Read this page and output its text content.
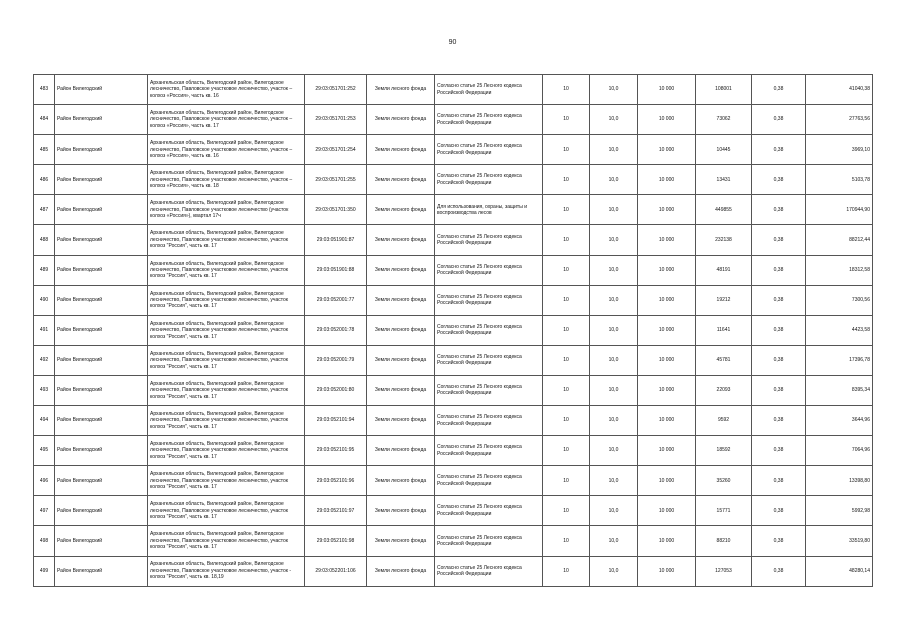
90
483	Район Вилегодский	Архангельская область, Вилегодский район, Вилегодское лесничество, Павловское участковое лесничество, участок – колхоз «Россия», часть кв. 16	29:03:051701:252	Земли лесного фонда	Согласно статье 25 Лесного кодекса Российской Федерации	10	10,0	10 000	108001	0,38	41040,38
484	Район Вилегодский	Архангельская область, Вилегодский район, Вилегодское лесничество, Павловское участковое лесничество, участок – колхоз «Россия», часть кв. 17	29:03:051701:253	Земли лесного фонда	Согласно статье 25 Лесного кодекса Российской Федерации	10	10,0	10 000	73062	0,38	27763,56
485	Район Вилегодский	Архангельская область, Вилегодский район, Вилегодское лесничество, Павловское участковое лесничество, участок – колхоз «Россия», часть кв. 16	29:03:051701:254	Земли лесного фонда	Согласно статье 25 Лесного кодекса Российской Федерации	10	10,0	10 000	10445	0,38	3969,10
486	Район Вилегодский	Архангельская область, Вилегодский район, Вилегодское лесничество, Павловское участковое лесничество, участок – колхоз «Россия», часть кв. 18	29:03:051701:255	Земли лесного фонда	Согласно статье 25 Лесного кодекса Российской Федерации	10	10,0	10 000	13431	0,38	5103,78
487	Район Вилегодский	Архангельская область, Вилегодский район, Вилегодское лесничество, Павловское участковое лесничество (участок колхоз «Россия»), квартал 17ч	29:03:051701:350	Земли лесного фонда	Для использования, охраны, защиты и воспроизводства лесов	10	10,0	10 000	449855	0,38	170944,90
488	Район Вилегодский	Архангельская область, Вилегодский район, Вилегодское лесничество, Павловское участковое лесничество, участок колхоз "Россия", часть кв. 17	29:03:051901:87	Земли лесного фонда	Согласно статье 25 Лесного кодекса Российской Федерации	10	10,0	10 000	232138	0,38	88212,44
489	Район Вилегодский	Архангельская область, Вилегодский район, Вилегодское лесничество, Павловское участковое лесничество, участок колхоз "Россия", часть кв. 17	29:03:051901:88	Земли лесного фонда	Согласно статье 25 Лесного кодекса Российской Федерации	10	10,0	10 000	48191	0,38	18312,58
490	Район Вилегодский	Архангельская область, Вилегодский район, Вилегодское лесничество, Павловское участковое лесничество, участок колхоз "Россия", часть кв. 17	29:03:052001:77	Земли лесного фонда	Согласно статье 25 Лесного кодекса Российской Федерации	10	10,0	10 000	19212	0,38	7300,56
491	Район Вилегодский	Архангельская область, Вилегодский район, Вилегодское лесничество, Павловское участковое лесничество, участок колхоз "Россия", часть кв. 17	29:03:052001:78	Земли лесного фонда	Согласно статье 25 Лесного кодекса Российской Федерации	10	10,0	10 000	11641	0,38	4423,58
492	Район Вилегодский	Архангельская область, Вилегодский район, Вилегодское лесничество, Павловское участковое лесничество, участок колхоз "Россия", часть кв. 17	29:03:052001:79	Земли лесного фонда	Согласно статье 25 Лесного кодекса Российской Федерации	10	10,0	10 000	45781	0,38	17396,78
493	Район Вилегодский	Архангельская область, Вилегодский район, Вилегодское лесничество, Павловское участковое лесничество, участок колхоз "Россия", часть кв. 17	29:03:052001:80	Земли лесного фонда	Согласно статье 25 Лесного кодекса Российской Федерации	10	10,0	10 000	22093	0,38	8395,34
494	Район Вилегодский	Архангельская область, Вилегодский район, Вилегодское лесничество, Павловское участковое лесничество, участок колхоз "Россия", часть кв. 17	29:03:052101:94	Земли лесного фонда	Согласно статье 25 Лесного кодекса Российской Федерации	10	10,0	10 000	9592	0,38	3644,96
495	Район Вилегодский	Архангельская область, Вилегодский район, Вилегодское лесничество, Павловское участковое лесничество, участок колхоз "Россия", часть кв. 17	29:03:052101:95	Земли лесного фонда	Согласно статье 25 Лесного кодекса Российской Федерации	10	10,0	10 000	18592	0,38	7064,96
496	Район Вилегодский	Архангельская область, Вилегодский район, Вилегодское лесничество, Павловское участковое лесничество, участок колхоз "Россия", часть кв. 17	29:03:052101:96	Земли лесного фонда	Согласно статье 25 Лесного кодекса Российской Федерации	10	10,0	10 000	35260	0,38	13398,80
497	Район Вилегодский	Архангельская область, Вилегодский район, Вилегодское лесничество, Павловское участковое лесничество, участок колхоз "Россия", часть кв. 17	29:03:052101:97	Земли лесного фонда	Согласно статье 25 Лесного кодекса Российской Федерации	10	10,0	10 000	15771	0,38	5992,98
498	Район Вилегодский	Архангельская область, Вилегодский район, Вилегодское лесничество, Павловское участковое лесничество, участок колхоз "Россия", часть кв. 17	29:03:052101:98	Земли лесного фонда	Согласно статье 25 Лесного кодекса Российской Федерации	10	10,0	10 000	88210	0,38	33519,80
499	Район Вилегодский	Архангельская область, Вилегодский район, Вилегодское лесничество, Павловское участковое лесничество, участок - колхоз "Россия", часть кв. 18,19	29:03:052201:106	Земли лесного фонда	Согласно статье 25 Лесного кодекса Российской Федерации	10	10,0	10 000	127053	0,38	48280,14
